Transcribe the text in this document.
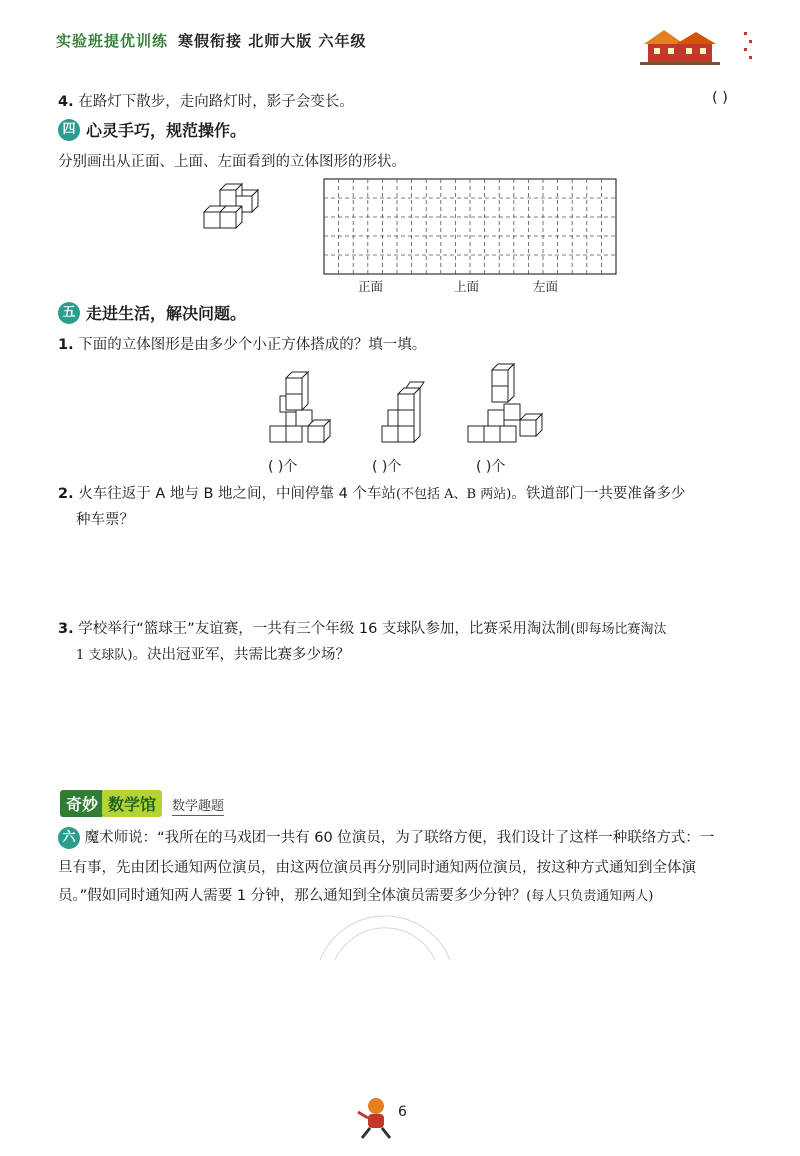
实验班提优训练 寒假衔接 北师大版 六年级
4. 在路灯下散步，走向路灯时，影子会变长。	( )
四 心灵手巧，规范操作。
分别画出从正面、上面、左面看到的立体图形的形状。
正面	上面	左面
五 走进生活，解决问题。
1. 下面的立体图形是由多少个小正方体搭成的？填一填。
( )个	( )个	( )个
2. 火车往返于 A 地与 B 地之间，中间停靠 4 个车站(不包括 A、B 两站)。铁道部门一共要准备多少
种车票？
3. 学校举行“篮球王”友谊赛，一共有三个年级 16 支球队参加，比赛采用淘汰制(即每场比赛淘汰
1 支球队)。决出冠亚军，共需比赛多少场？
奇妙 数学馆 数学趣题
六 魔术师说：“我所在的马戏团一共有 60 位演员，为了联络方便，我们设计了这样一种联络方式：一
旦有事，先由团长通知两位演员，由这两位演员再分别同时通知两位演员，按这种方式通知到全体演
员。”假如同时通知两人需要 1 分钟，那么通知到全体演员需要多少分钟？(每人只负责通知两人)
6
